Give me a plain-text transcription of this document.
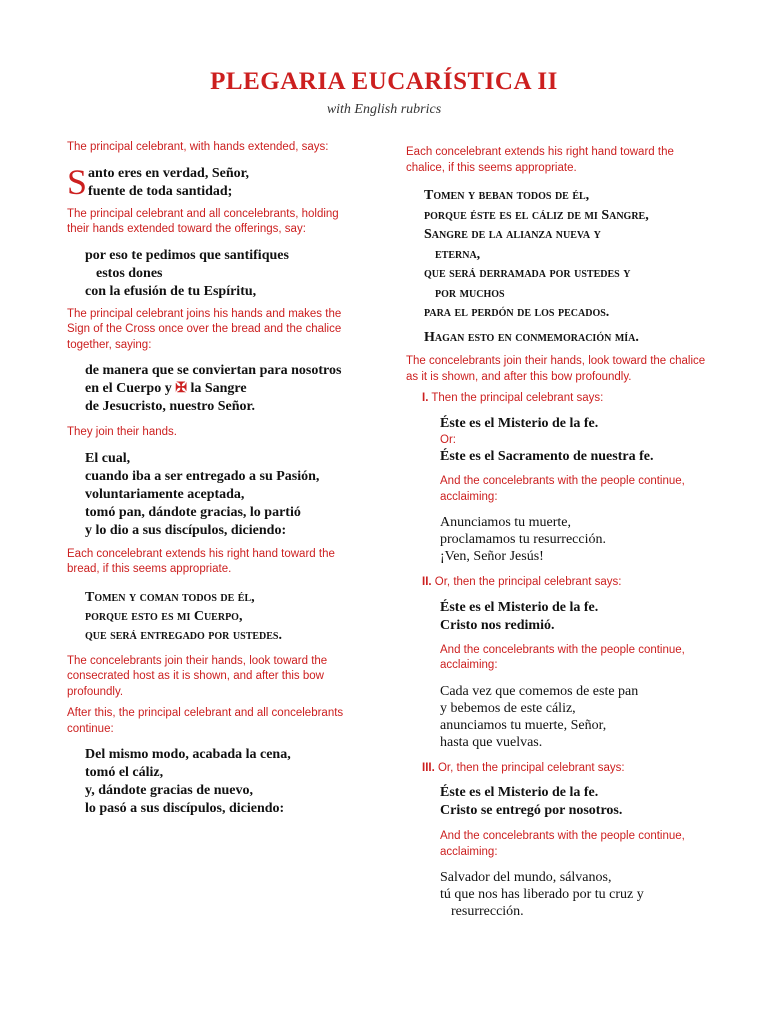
PLEGARIA EUCARÍSTICA II
with English rubrics

The principal celebrant, with hands extended, says:

S anto eres en verdad, Señor,
fuente de toda santidad;

The principal celebrant and all concelebrants, holding their hands extended toward the offerings, say:

por eso te pedimos que santifiques
estos dones
con la efusión de tu Espíritu,

The principal celebrant joins his hands and makes the Sign of the Cross once over the bread and the chalice together, saying:

de manera que se conviertan para nosotros
en el Cuerpo y ✠ la Sangre
de Jesucristo, nuestro Señor.

They join their hands.

El cual,
cuando iba a ser entregado a su Pasión,
voluntariamente aceptada,
tomó pan, dándote gracias, lo partió
y lo dio a sus discípulos, diciendo:

Each concelebrant extends his right hand toward the bread, if this seems appropriate.

Tomen y coman todos de él,
porque esto es mi Cuerpo,
que será entregado por ustedes.

The concelebrants join their hands, look toward the consecrated host as it is shown, and after this bow profoundly.

After this, the principal celebrant and all concelebrants continue:

Del mismo modo, acabada la cena,
tomó el cáliz,
y, dándote gracias de nuevo,
lo pasó a sus discípulos, diciendo:

Each concelebrant extends his right hand toward the chalice, if this seems appropriate.

Tomen y beban todos de él,
porque éste es el cáliz de mi Sangre,
Sangre de la alianza nueva y
eterna,
que será derramada por ustedes y
por muchos
para el perdón de los pecados.
Hagan esto en conmemoración mía.

The concelebrants join their hands, look toward the chalice as it is shown, and after this bow profoundly.

I. Then the principal celebrant says:

Éste es el Misterio de la fe.
Or:
Éste es el Sacramento de nuestra fe.

And the concelebrants with the people continue, acclaiming:

Anunciamos tu muerte,
proclamamos tu resurrección.
¡Ven, Señor Jesús!

II. Or, then the principal celebrant says:

Éste es el Misterio de la fe.
Cristo nos redimió.

And the concelebrants with the people continue, acclaiming:

Cada vez que comemos de este pan
y bebemos de este cáliz,
anunciamos tu muerte, Señor,
hasta que vuelvas.

III. Or, then the principal celebrant says:

Éste es el Misterio de la fe.
Cristo se entregó por nosotros.

And the concelebrants with the people continue, acclaiming:

Salvador del mundo, sálvanos,
tú que nos has liberado por tu cruz y
resurrección.
